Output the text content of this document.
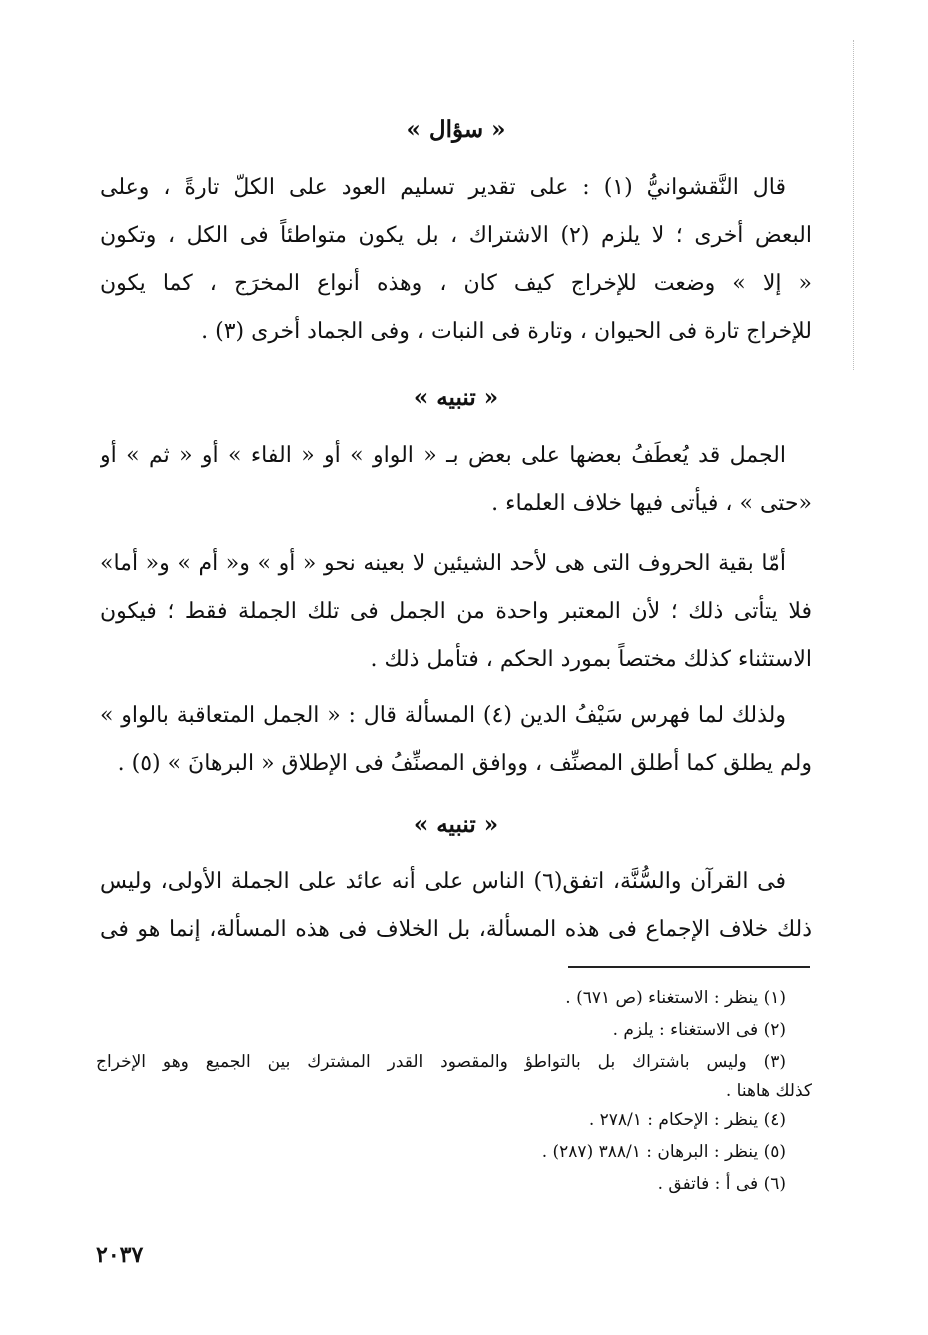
« سؤال »
قال النَّقشوانيُّ (١) : على تقدير تسليم العود على الكلّ تارةً ، وعلى
البعض أخرى ؛ لا يلزم (٢) الاشتراك ، بل يكون متواطئاً فى الكل ، وتكون
« إلا » وضعت للإخراج كيف كان ، وهذه أنواع المخرَج ، كما يكون
للإخراج تارة فى الحيوان ، وتارة فى النبات ، وفى الجماد أخرى (٣) .
« تنبيه »
الجمل قد يُعطَفُ بعضها على بعض بـ « الواو » أو « الفاء » أو « ثم » أو
«حتى » ، فيأتى فيها خلاف العلماء .
أمّا بقية الحروف التى هى لأحد الشيئين لا بعينه نحو « أو » و« أم » و« أما»
فلا يتأتى ذلك ؛ لأن المعتبر واحدة من الجمل فى تلك الجملة فقط ؛ فيكون
الاستثناء كذلك مختصاً بمورد الحكم ، فتأمل ذلك .
ولذلك لما فهرس سَيْفُ الدين (٤) المسألة قال : « الجمل المتعاقبة بالواو »
ولم يطلق كما أطلق المصنِّف ، ووافق المصنِّفُ فى الإطلاق « البرهانَ » (٥) .
« تنبيه »
فى القرآن والسُّنَّة، اتفق(٦) الناس على أنه عائد على الجملة الأولى، وليس
ذلك خلاف الإجماع فى هذه المسألة، بل الخلاف فى هذه المسألة، إنما هو فى
(١) ينظر : الاستغناء (ص ٦٧١) .
(٢) فى الاستغناء : يلزم .
(٣) وليس باشتراك بل بالتواطؤ والمقصود القدر المشترك بين الجميع وهو الإخراج
كذلك هاهنا .
(٤) ينظر : الإحكام : ٢٧٨/١ .
(٥) ينظر : البرهان : ٣٨٨/١ (٢٨٧) .
(٦) فى أ : فاتفق .
٢٠٣٧
